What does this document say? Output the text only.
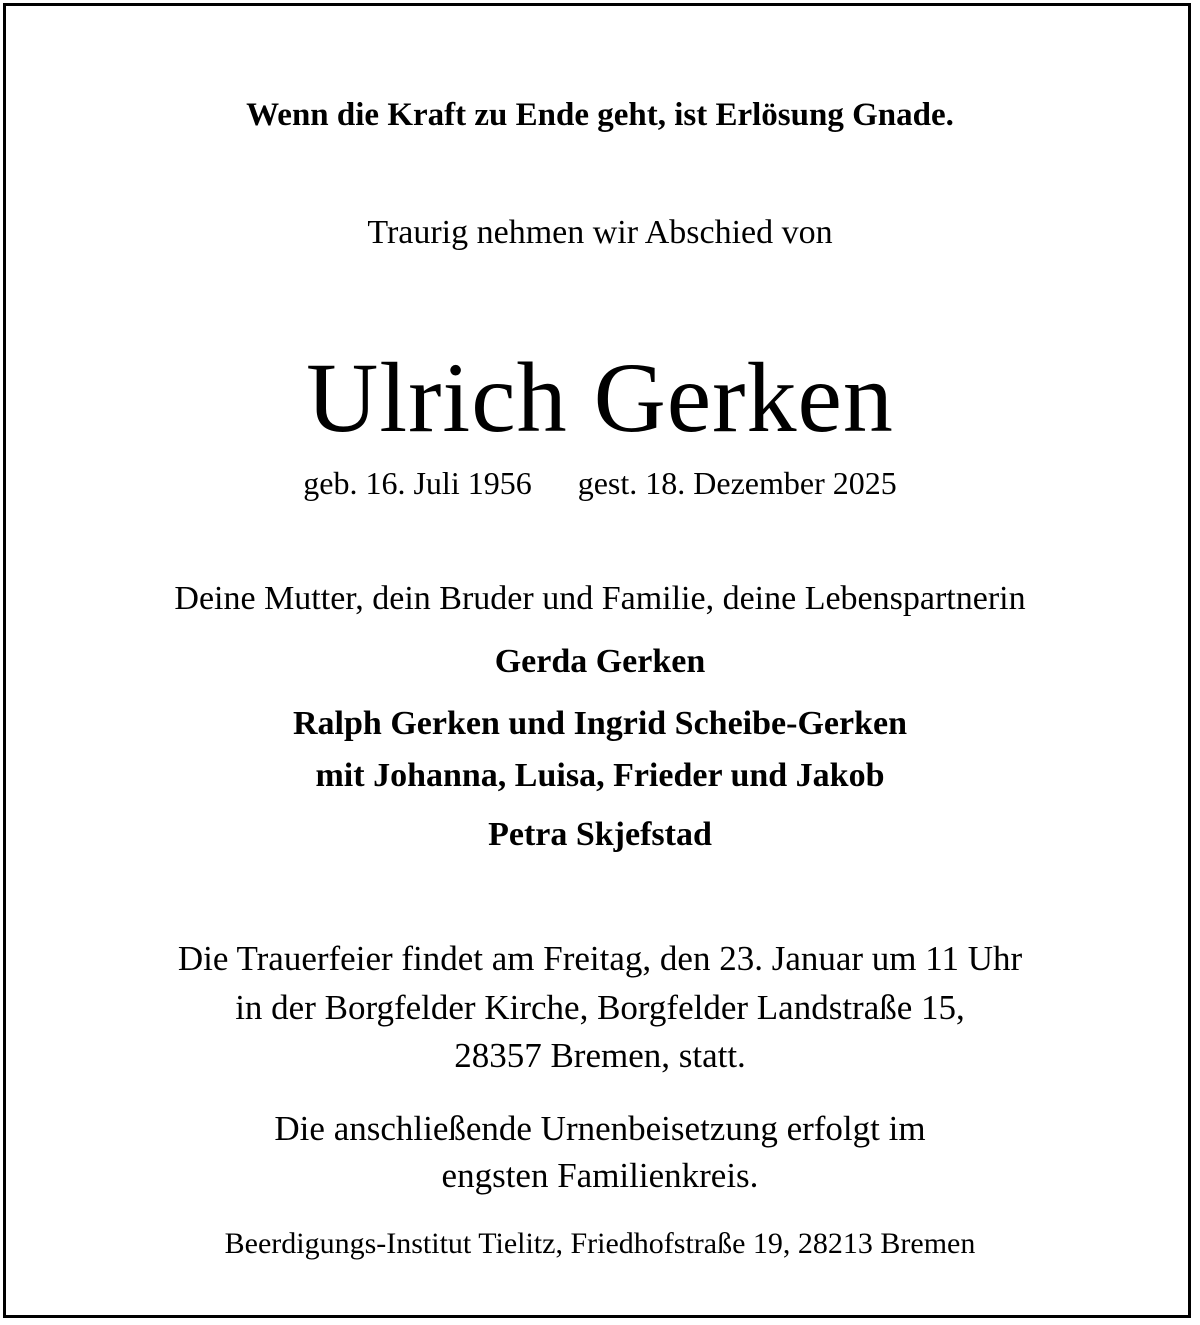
Wenn die Kraft zu Ende geht, ist Erlösung Gnade.
Traurig nehmen wir Abschied von
Ulrich Gerken
geb. 16. Juli 1956 gest. 18. Dezember 2025
Deine Mutter, dein Bruder und Familie, deine Lebenspartnerin
Gerda Gerken
Ralph Gerken und Ingrid Scheibe-Gerken
mit Johanna, Luisa, Frieder und Jakob
Petra Skjefstad
Die Trauerfeier findet am Freitag, den 23. Januar um 11 Uhr
in der Borgfelder Kirche, Borgfelder Landstraße 15,
28357 Bremen, statt.
Die anschließende Urnenbeisetzung erfolgt im
engsten Familienkreis.
Beerdigungs-Institut Tielitz, Friedhofstraße 19, 28213 Bremen
